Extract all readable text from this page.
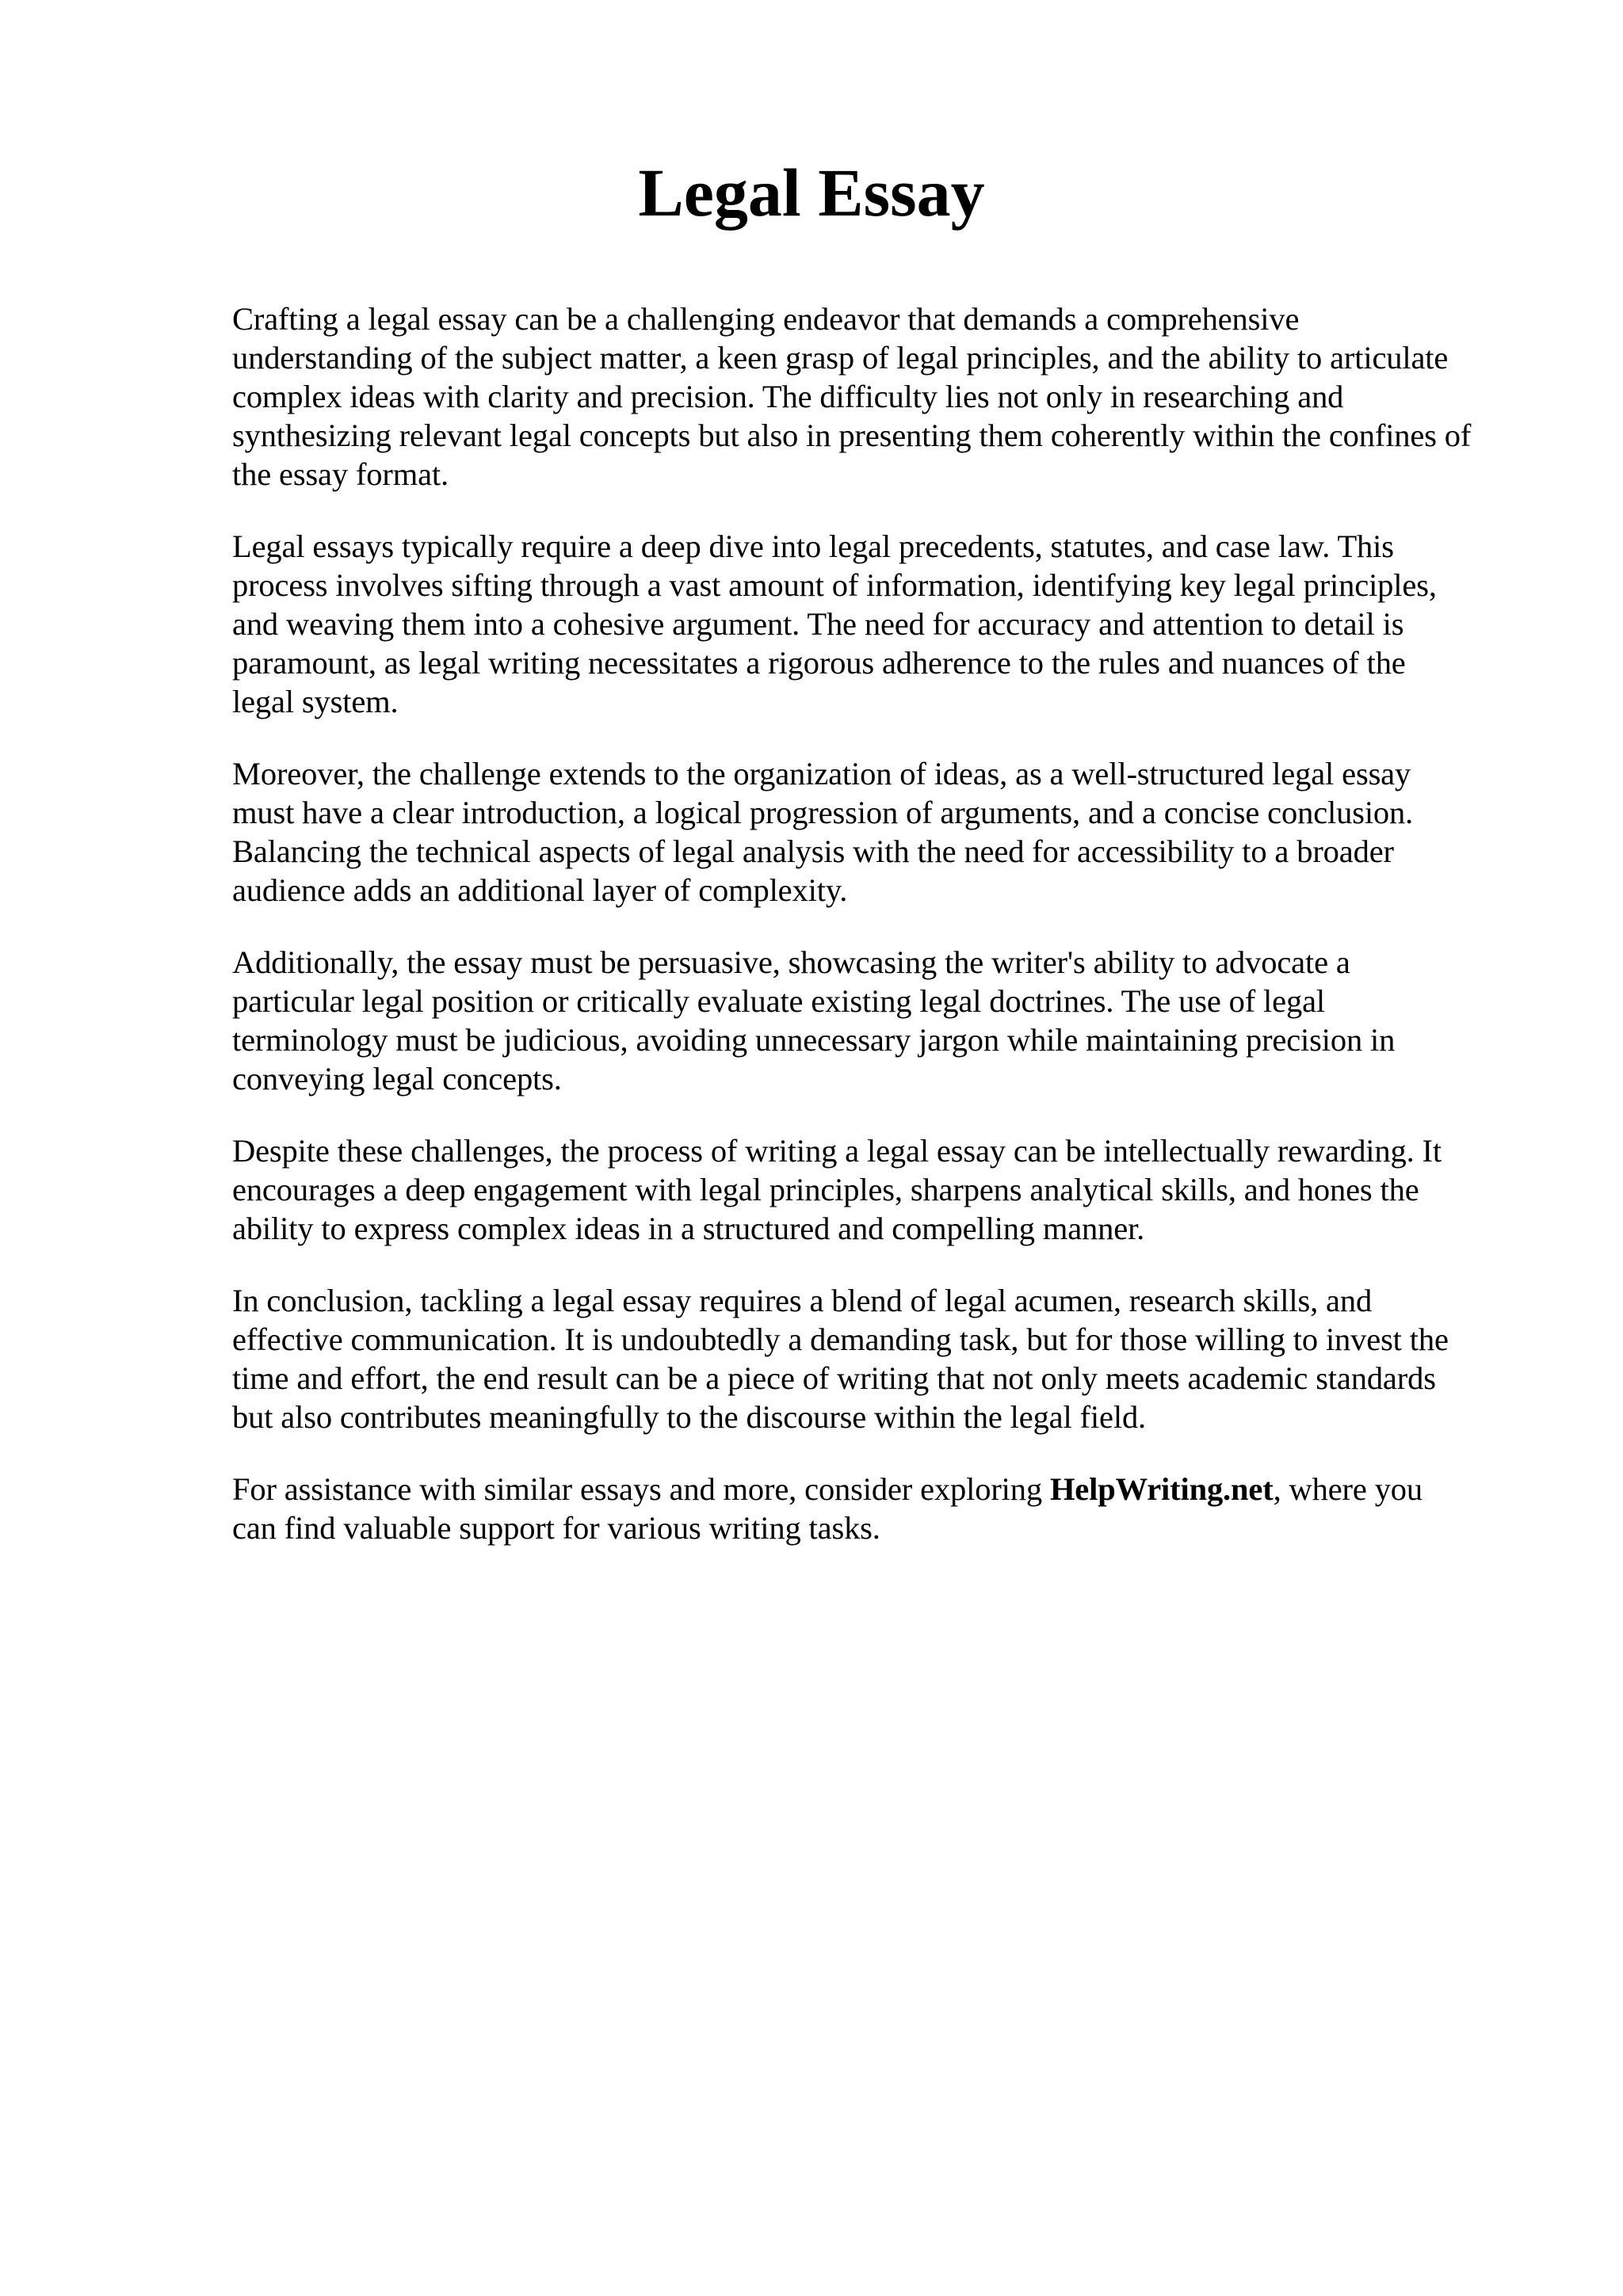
Legal Essay

Crafting a legal essay can be a challenging endeavor that demands a comprehensive
understanding of the subject matter, a keen grasp of legal principles, and the ability to articulate
complex ideas with clarity and precision. The difficulty lies not only in researching and
synthesizing relevant legal concepts but also in presenting them coherently within the confines of
the essay format.

Legal essays typically require a deep dive into legal precedents, statutes, and case law. This
process involves sifting through a vast amount of information, identifying key legal principles,
and weaving them into a cohesive argument. The need for accuracy and attention to detail is
paramount, as legal writing necessitates a rigorous adherence to the rules and nuances of the
legal system.

Moreover, the challenge extends to the organization of ideas, as a well-structured legal essay
must have a clear introduction, a logical progression of arguments, and a concise conclusion.
Balancing the technical aspects of legal analysis with the need for accessibility to a broader
audience adds an additional layer of complexity.

Additionally, the essay must be persuasive, showcasing the writer's ability to advocate a
particular legal position or critically evaluate existing legal doctrines. The use of legal
terminology must be judicious, avoiding unnecessary jargon while maintaining precision in
conveying legal concepts.

Despite these challenges, the process of writing a legal essay can be intellectually rewarding. It
encourages a deep engagement with legal principles, sharpens analytical skills, and hones the
ability to express complex ideas in a structured and compelling manner.

In conclusion, tackling a legal essay requires a blend of legal acumen, research skills, and
effective communication. It is undoubtedly a demanding task, but for those willing to invest the
time and effort, the end result can be a piece of writing that not only meets academic standards
but also contributes meaningfully to the discourse within the legal field.

For assistance with similar essays and more, consider exploring HelpWriting.net, where you
can find valuable support for various writing tasks.
